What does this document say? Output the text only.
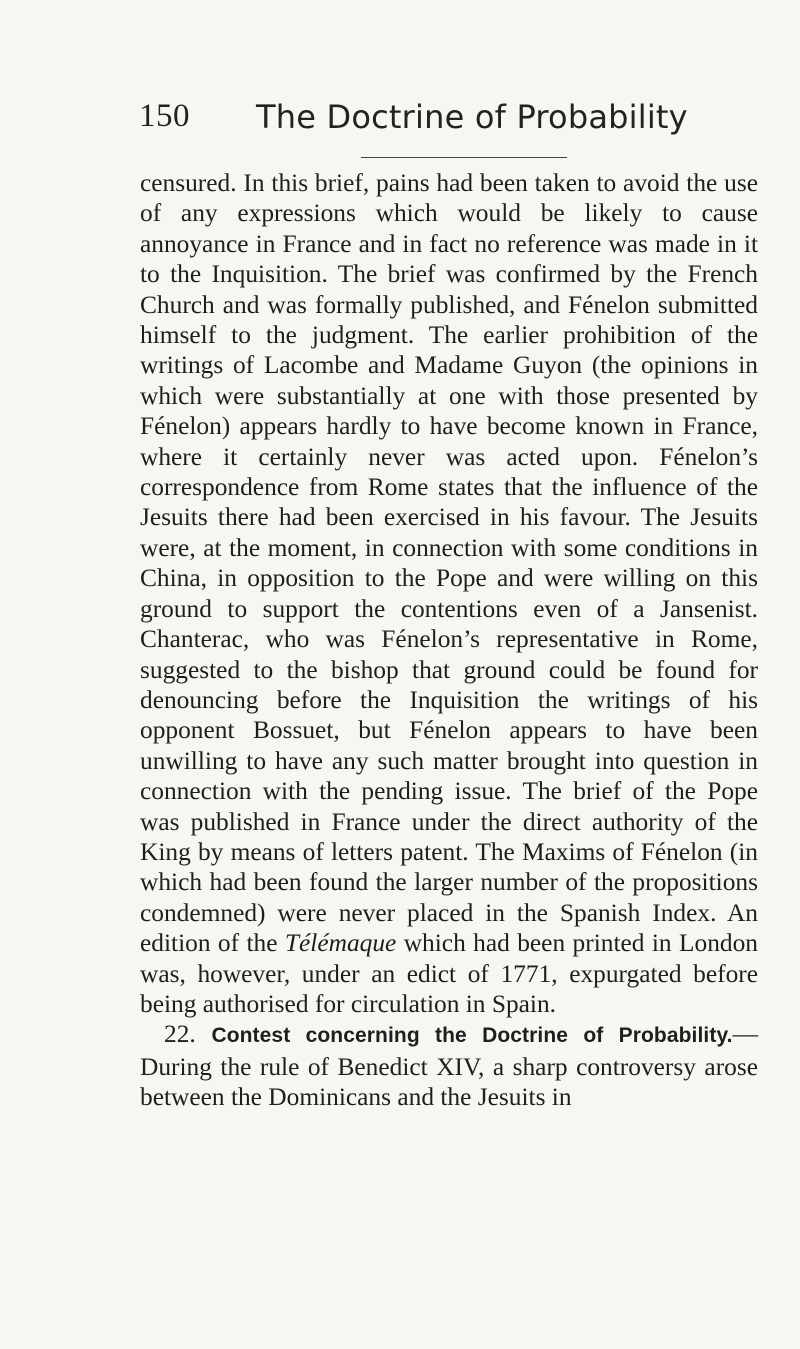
150 The Doctrine of Probability

censured. In this brief, pains had been taken to avoid the use of any expressions which would be likely to cause annoyance in France and in fact no reference was made in it to the Inquisition. The brief was confirmed by the French Church and was formally published, and Fénelon submitted himself to the judgment. The earlier prohibition of the writings of Lacombe and Madame Guyon (the opinions in which were substantially at one with those presented by Fénelon) appears hardly to have become known in France, where it certainly never was acted upon. Fénelon’s correspondence from Rome states that the influence of the Jesuits there had been exercised in his favour. The Jesuits were, at the moment, in connection with some conditions in China, in opposition to the Pope and were willing on this ground to support the contentions even of a Jansenist. Chanterac, who was Fénelon’s representative in Rome, suggested to the bishop that ground could be found for denouncing before the Inquisition the writings of his opponent Bossuet, but Fénelon appears to have been unwilling to have any such matter brought into question in connection with the pending issue. The brief of the Pope was published in France under the direct authority of the King by means of letters patent. The Maxims of Fénelon (in which had been found the larger number of the propositions condemned) were never placed in the Spanish Index. An edition of the Télémaque which had been printed in London was, however, under an edict of 1771, expurgated before being authorised for circulation in Spain.

22. Contest concerning the Doctrine of Probability.— During the rule of Benedict XIV, a sharp controversy arose between the Dominicans and the Jesuits in
